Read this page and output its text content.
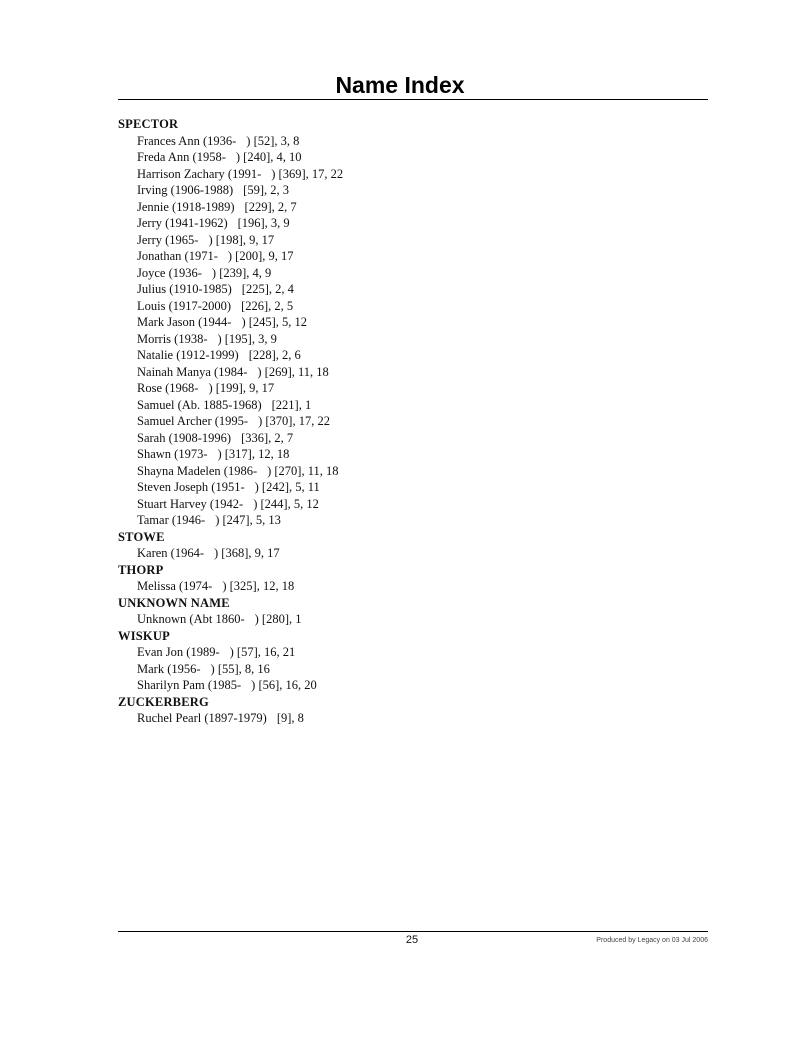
Name Index
SPECTOR
Frances Ann (1936- ) [52], 3, 8
Freda Ann (1958- ) [240], 4, 10
Harrison Zachary (1991- ) [369], 17, 22
Irving (1906-1988) [59], 2, 3
Jennie (1918-1989) [229], 2, 7
Jerry (1941-1962) [196], 3, 9
Jerry (1965- ) [198], 9, 17
Jonathan (1971- ) [200], 9, 17
Joyce (1936- ) [239], 4, 9
Julius (1910-1985) [225], 2, 4
Louis (1917-2000) [226], 2, 5
Mark Jason (1944- ) [245], 5, 12
Morris (1938- ) [195], 3, 9
Natalie (1912-1999) [228], 2, 6
Nainah Manya (1984- ) [269], 11, 18
Rose (1968- ) [199], 9, 17
Samuel (Ab. 1885-1968) [221], 1
Samuel Archer (1995- ) [370], 17, 22
Sarah (1908-1996) [336], 2, 7
Shawn (1973- ) [317], 12, 18
Shayna Madelen (1986- ) [270], 11, 18
Steven Joseph (1951- ) [242], 5, 11
Stuart Harvey (1942- ) [244], 5, 12
Tamar (1946- ) [247], 5, 13
STOWE
Karen (1964- ) [368], 9, 17
THORP
Melissa (1974- ) [325], 12, 18
UNKNOWN NAME
Unknown (Abt 1860- ) [280], 1
WISKUP
Evan Jon (1989- ) [57], 16, 21
Mark (1956- ) [55], 8, 16
Sharilyn Pam (1985- ) [56], 16, 20
ZUCKERBERG
Ruchel Pearl (1897-1979) [9], 8
25	Produced by Legacy on 03 Jul 2006
